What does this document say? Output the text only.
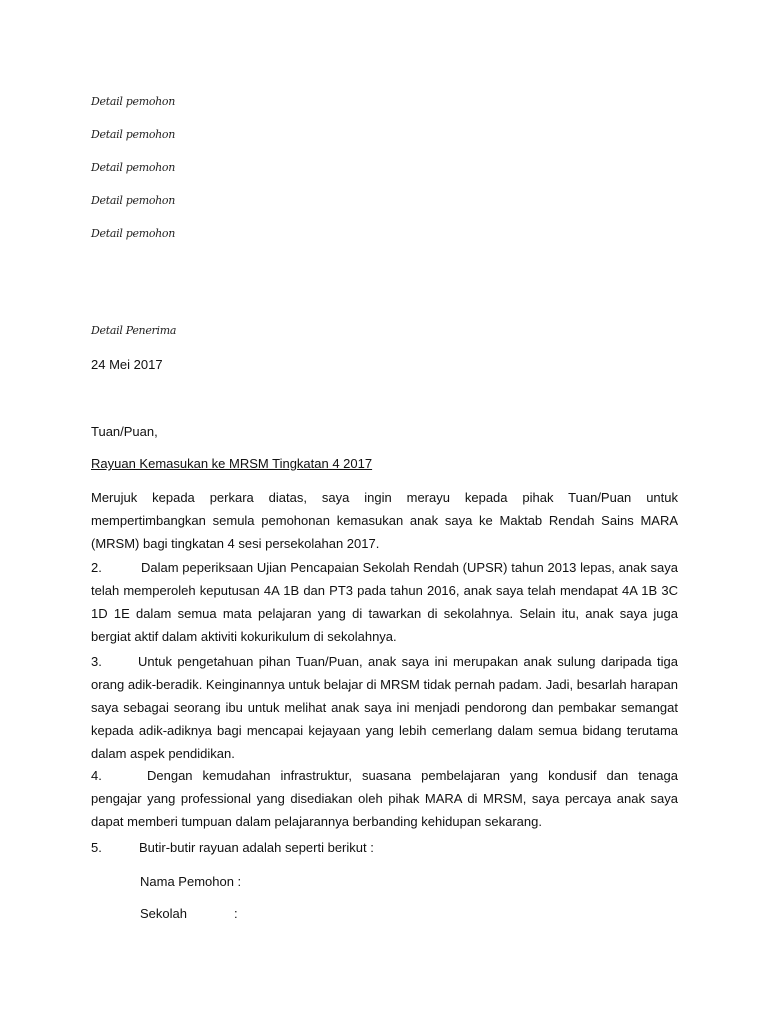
Detail pemohon
Detail pemohon
Detail pemohon
Detail pemohon
Detail pemohon
Detail Penerima
24 Mei 2017
Tuan/Puan,
Rayuan Kemasukan ke MRSM Tingkatan 4 2017
Merujuk kepada perkara diatas, saya ingin merayu kepada pihak Tuan/Puan untuk mempertimbangkan semula pemohonan kemasukan anak saya ke Maktab Rendah Sains MARA (MRSM) bagi tingkatan 4 sesi persekolahan 2017.
2.	Dalam peperiksaan Ujian Pencapaian Sekolah Rendah (UPSR) tahun 2013 lepas, anak saya telah memperoleh keputusan 4A 1B dan PT3 pada tahun 2016, anak saya telah mendapat 4A 1B 3C 1D 1E dalam semua mata pelajaran yang di tawarkan di sekolahnya. Selain itu, anak saya juga bergiat aktif dalam aktiviti kokurikulum di sekolahnya.
3.	Untuk pengetahuan pihan Tuan/Puan, anak saya ini merupakan anak sulung daripada tiga orang adik-beradik. Keinginannya untuk belajar di MRSM tidak pernah padam. Jadi, besarlah harapan saya sebagai seorang ibu untuk melihat anak saya ini menjadi pendorong dan pembakar semangat kepada adik-adiknya bagi mencapai kejayaan yang lebih cemerlang dalam semua bidang terutama dalam aspek pendidikan.
4.	Dengan kemudahan infrastruktur, suasana pembelajaran yang kondusif dan tenaga pengajar yang professional yang disediakan oleh pihak MARA di MRSM, saya percaya anak saya dapat memberi tumpuan dalam pelajarannya berbanding kehidupan sekarang.
5.	Butir-butir rayuan adalah seperti berikut :
Nama Pemohon :
Sekolah	:
